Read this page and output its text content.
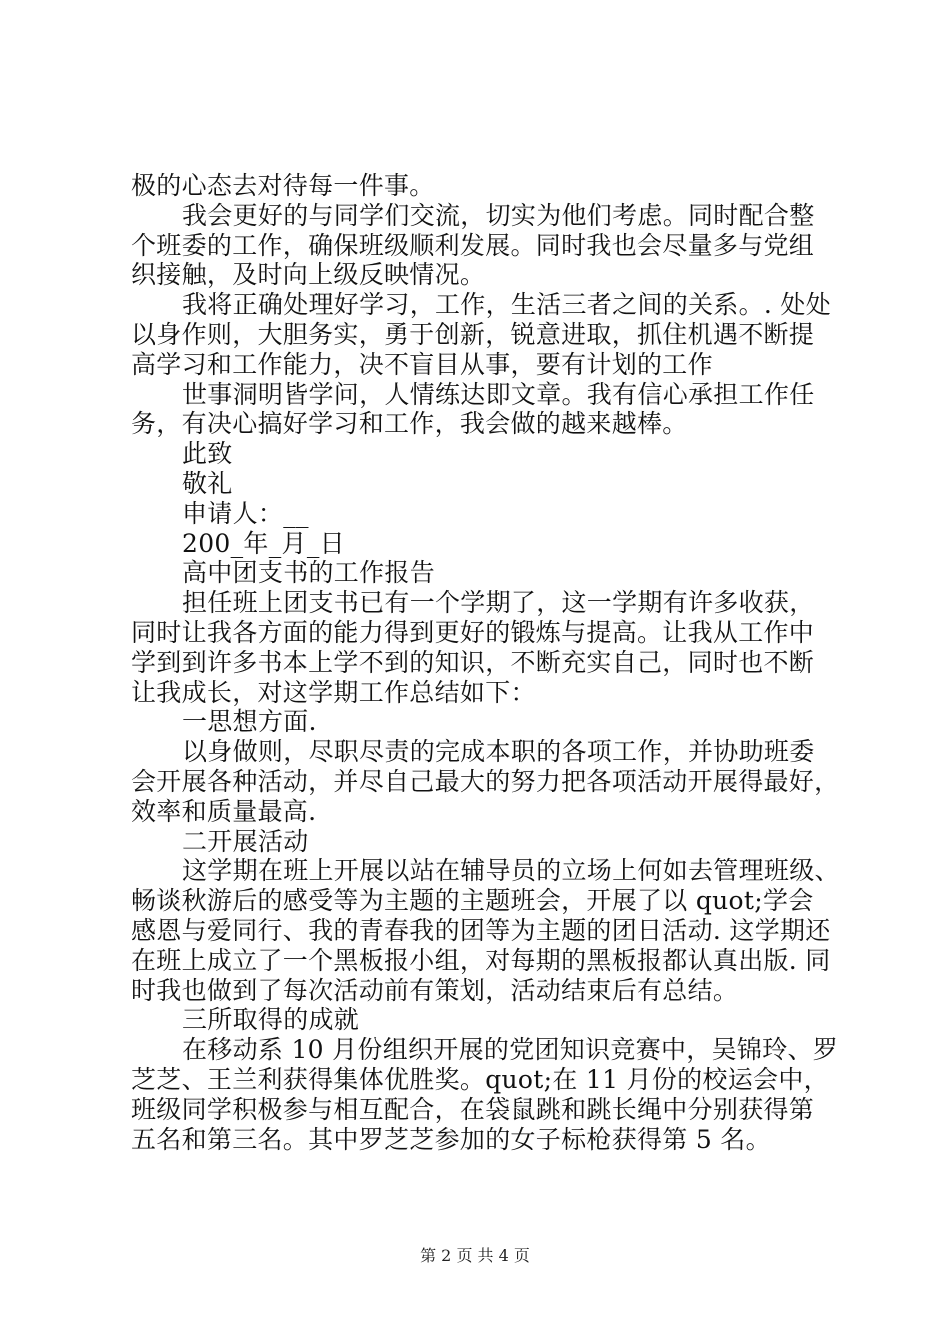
极的心态去对待每一件事。
我会更好的与同学们交流，切实为他们考虑。同时配合整
个班委的工作，确保班级顺利发展。同时我也会尽量多与党组
织接触，及时向上级反映情况。
我将正确处理好学习，工作，生活三者之间的关系。. 处处
以身作则，大胆务实，勇于创新，锐意进取，抓住机遇不断提
高学习和工作能力，决不盲目从事，要有计划的工作
世事洞明皆学问，人情练达即文章。我有信心承担工作任
务，有决心搞好学习和工作，我会做的越来越棒。
此致
敬礼
申请人：__
200_年_月_日
高中团支书的工作报告
担任班上团支书已有一个学期了，这一学期有许多收获，
同时让我各方面的能力得到更好的锻炼与提高。让我从工作中
学到到许多书本上学不到的知识，不断充实自己，同时也不断
让我成长，对这学期工作总结如下：
一思想方面.
以身做则，尽职尽责的完成本职的各项工作，并协助班委
会开展各种活动，并尽自己最大的努力把各项活动开展得最好，
效率和质量最高.
二开展活动
这学期在班上开展以站在辅导员的立场上何如去管理班级、
畅谈秋游后的感受等为主题的主题班会，开展了以 quot;学会
感恩与爱同行、我的青春我的团等为主题的团日活动. 这学期还
在班上成立了一个黑板报小组，对每期的黑板报都认真出版. 同
时我也做到了每次活动前有策划，活动结束后有总结。
三所取得的成就
在移动系 10 月份组织开展的党团知识竞赛中，吴锦玲、罗
芝芝、王兰利获得集体优胜奖。quot;在 11 月份的校运会中，
班级同学积极参与相互配合，在袋鼠跳和跳长绳中分别获得第
五名和第三名。其中罗芝芝参加的女子标枪获得第 5 名。
第 2 页 共 4 页
